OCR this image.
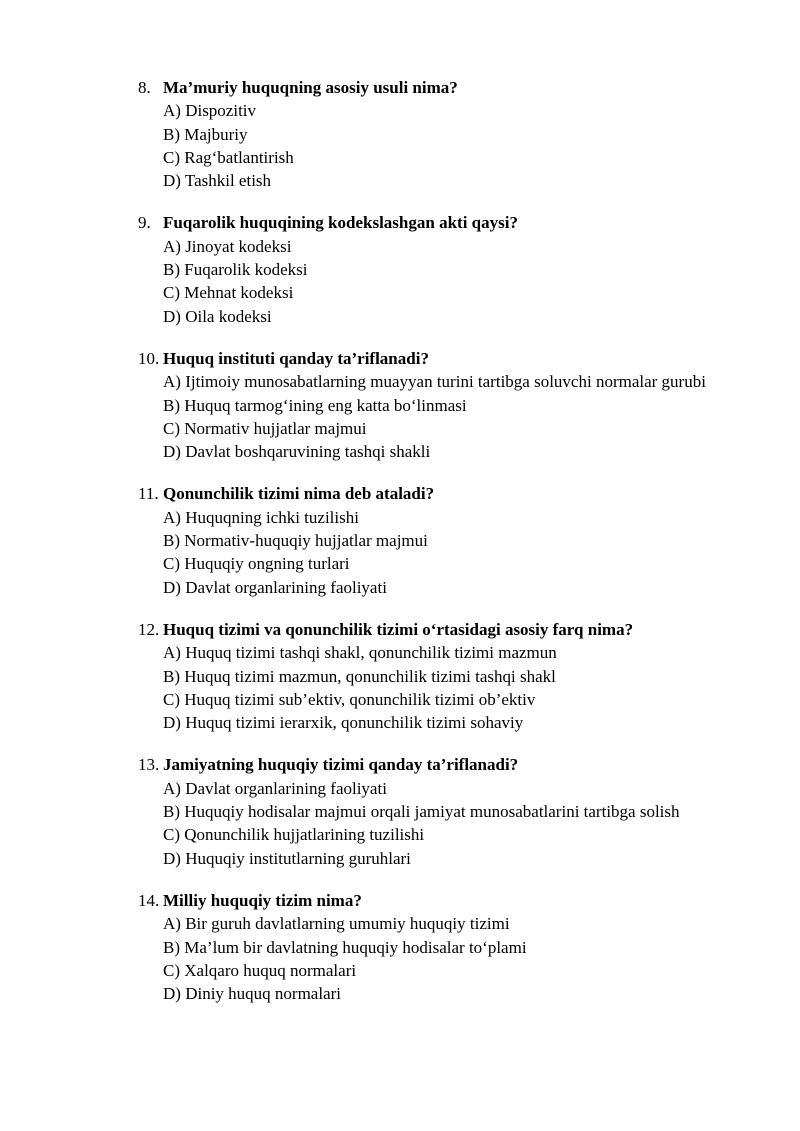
8. Ma’muriy huquqning asosiy usuli nima?
A) Dispozitiv
B) Majburiy
C) Rag‘batlantirish
D) Tashkil etish
9. Fuqarolik huquqining kodekslashgan akti qaysi?
A) Jinoyat kodeksi
B) Fuqarolik kodeksi
C) Mehnat kodeksi
D) Oila kodeksi
10. Huquq instituti qanday ta’riflanadi?
A) Ijtimoiy munosabatlarning muayyan turini tartibga soluvchi normalar gurubi
B) Huquq tarmog‘ining eng katta bo‘linmasi
C) Normativ hujjatlar majmui
D) Davlat boshqaruvining tashqi shakli
11. Qonunchilik tizimi nima deb ataladi?
A) Huquqning ichki tuzilishi
B) Normativ-huquqiy hujjatlar majmui
C) Huquqiy ongning turlari
D) Davlat organlarining faoliyati
12. Huquq tizimi va qonunchilik tizimi o‘rtasidagi asosiy farq nima?
A) Huquq tizimi tashqi shakl, qonunchilik tizimi mazmun
B) Huquq tizimi mazmun, qonunchilik tizimi tashqi shakl
C) Huquq tizimi sub’ektiv, qonunchilik tizimi ob’ektiv
D) Huquq tizimi ierarxik, qonunchilik tizimi sohaviy
13. Jamiyatning huquqiy tizimi qanday ta’riflanadi?
A) Davlat organlarining faoliyati
B) Huquqiy hodisalar majmui orqali jamiyat munosabatlarini tartibga solish
C) Qonunchilik hujjatlarining tuzilishi
D) Huquqiy institutlarning guruhlari
14. Milliy huquqiy tizim nima?
A) Bir guruh davlatlarning umumiy huquqiy tizimi
B) Ma’lum bir davlatning huquqiy hodisalar to‘plami
C) Xalqaro huquq normalari
D) Diniy huquq normalari
